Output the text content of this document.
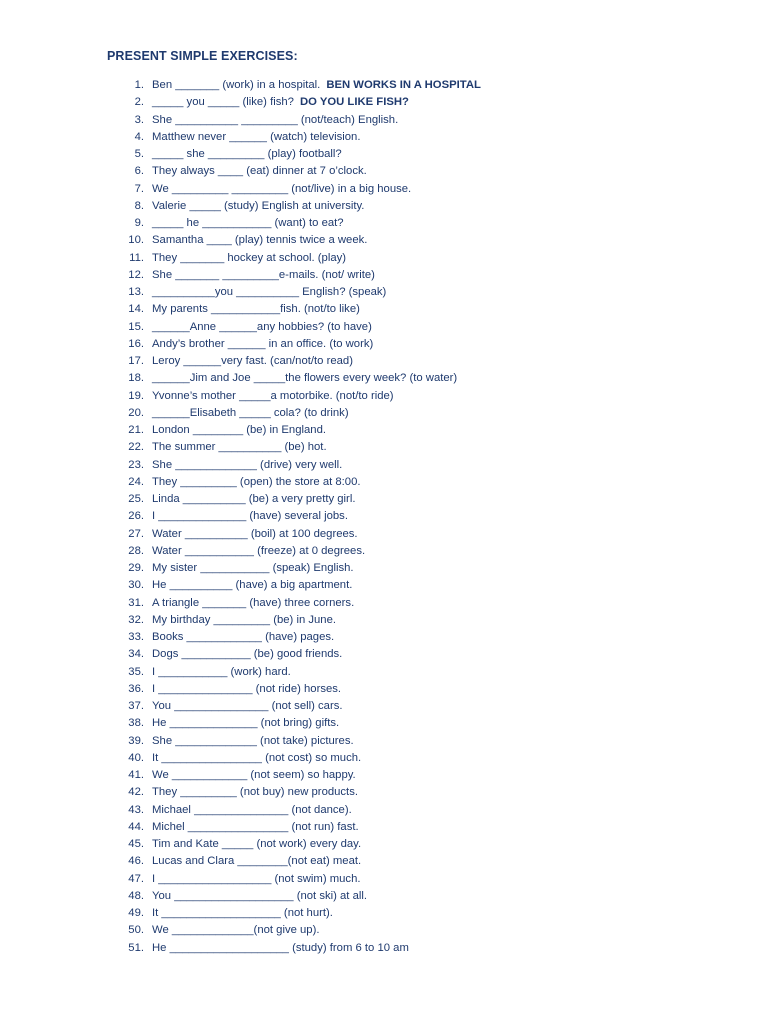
PRESENT SIMPLE EXERCISES:
1. Ben _______ (work) in a hospital. BEN WORKS IN A HOSPITAL
2. _____ you _____ (like) fish? DO YOU LIKE FISH?
3. She __________ _________ (not/teach) English.
4. Matthew never ______ (watch) television.
5. _____ she _________ (play) football?
6. They always ____ (eat) dinner at 7 o’clock.
7. We _________ _________ (not/live) in a big house.
8. Valerie _____ (study) English at university.
9. _____ he ___________ (want) to eat?
10. Samantha ____ (play) tennis twice a week.
11. They _______ hockey at school. (play)
12. She _______ _________e-mails. (not/ write)
13. __________you __________ English? (speak)
14. My parents ___________fish. (not/to like)
15. ______Anne ______any hobbies? (to have)
16. Andy’s brother ______ in an office. (to work)
17. Leroy ______very fast. (can/not/to read)
18. ______Jim and Joe _____the flowers every week? (to water)
19. Yvonne’s mother _____a motorbike. (not/to ride)
20. ______Elisabeth _____ cola? (to drink)
21. London ________ (be) in England.
22. The summer __________ (be) hot.
23. She _____________ (drive) very well.
24. They _________ (open) the store at 8:00.
25. Linda __________ (be) a very pretty girl.
26. I ______________ (have) several jobs.
27. Water __________ (boil) at 100 degrees.
28. Water ___________ (freeze) at 0 degrees.
29. My sister ___________ (speak) English.
30. He __________ (have) a big apartment.
31. A triangle _______ (have) three corners.
32. My birthday _________ (be) in June.
33. Books ____________ (have) pages.
34. Dogs ___________ (be) good friends.
35. I ___________ (work) hard.
36. I _______________ (not ride) horses.
37. You _______________ (not sell) cars.
38. He ______________ (not bring) gifts.
39. She _____________ (not take) pictures.
40. It ________________ (not cost) so much.
41. We ____________ (not seem) so happy.
42. They _________ (not buy) new products.
43. Michael _______________ (not dance).
44. Michel ________________ (not run) fast.
45. Tim and Kate _____ (not work) every day.
46. Lucas and Clara ________(not eat) meat.
47. I __________________ (not swim) much.
48. You ___________________ (not ski) at all.
49. It ___________________ (not hurt).
50. We _____________(not give up).
51. He ___________________ (study) from 6 to 10 am
